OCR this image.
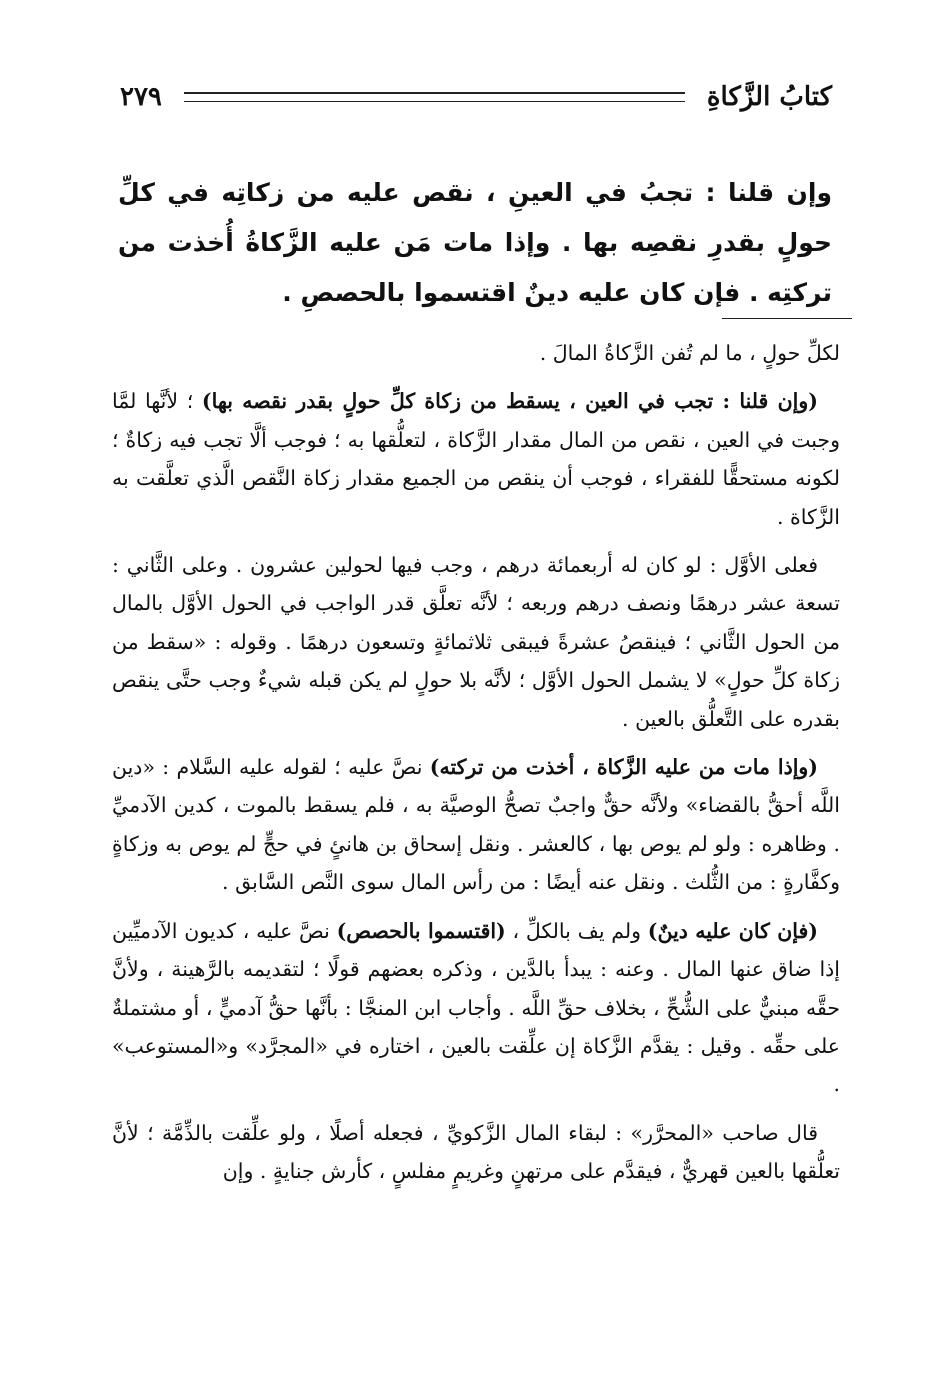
كتابُ الزَّكاةِ
٢٧٩
وإن قلنا : تجبُ في العينِ ، نقص عليه من زكاتِه في كلِّ حولٍ بقدرِ نقصِه بها . وإذا مات مَن عليه الزَّكاةُ أُخذت من تركتِه . فإن كان عليه دينٌ اقتسموا بالحصصِ .

لكلِّ حولٍ ، ما لم تُفن الزَّكاةُ المالَ .

(وإن قلنا : تجب في العين ، يسقط من زكاة كلِّ حولٍ بقدر نقصه بها) ؛ لأنَّها لمَّا وجبت في العين ، نقص من المال مقدار الزَّكاة ، لتعلُّقها به ؛ فوجب ألَّا تجب فيه زكاةٌ ؛ لكونه مستحقًّا للفقراء ، فوجب أن ينقص من الجميع مقدار زكاة النَّقص الَّذي تعلَّقت به الزَّكاة .

فعلى الأوَّل : لو كان له أربعمائة درهم ، وجب فيها لحولين عشرون . وعلى الثَّاني : تسعة عشر درهمًا ونصف درهم وربعه ؛ لأنَّه تعلَّق قدر الواجب في الحول الأوَّل بالمال من الحول الثَّاني ؛ فينقصُ عشرةً فيبقى ثلاثمائةٍ وتسعون درهمًا . وقوله : «سقط من زكاة كلِّ حولٍ» لا يشمل الحول الأوَّل ؛ لأنَّه بلا حولٍ لم يكن قبله شيءٌ وجب حتَّى ينقص بقدره على التَّعلُّق بالعين .

(وإذا مات من عليه الزَّكاة ، أخذت من تركته) نصَّ عليه ؛ لقوله عليه السَّلام : «دين اللَّه أحقُّ بالقضاء» ولأنَّه حقٌّ واجبٌ تصحُّ الوصيَّة به ، فلم يسقط بالموت ، كدين الآدميِّ . وظاهره : ولو لم يوص بها ، كالعشر . ونقل إسحاق بن هانئٍ في حجٍّ لم يوص به وزكاةٍ وكفَّارةٍ : من الثُّلث . ونقل عنه أيضًا : من رأس المال سوى النَّص السَّابق .

(فإن كان عليه دينٌ) ولم يف بالكلِّ ، (اقتسموا بالحصص) نصَّ عليه ، كديون الآدميِّين إذا ضاق عنها المال . وعنه : يبدأ بالدَّين ، وذكره بعضهم قولًا ؛ لتقديمه بالرَّهينة ، ولأنَّ حقَّه مبنيٌّ على الشُّحِّ ، بخلاف حقِّ اللَّه . وأجاب ابن المنجَّا : بأنَّها حقُّ آدميٍّ ، أو مشتملةٌ على حقِّه . وقيل : يقدَّم الزَّكاة إن علِّقت بالعين ، اختاره في «المجرَّد» و«المستوعب» .

قال صاحب «المحرَّر» : لبقاء المال الزَّكويِّ ، فجعله أصلًا ، ولو علِّقت بالذِّمَّة ؛ لأنَّ تعلُّقها بالعين قهريٌّ ، فيقدَّم على مرتهنٍ وغريمٍ مفلسٍ ، كأرش جنايةٍ . وإن
